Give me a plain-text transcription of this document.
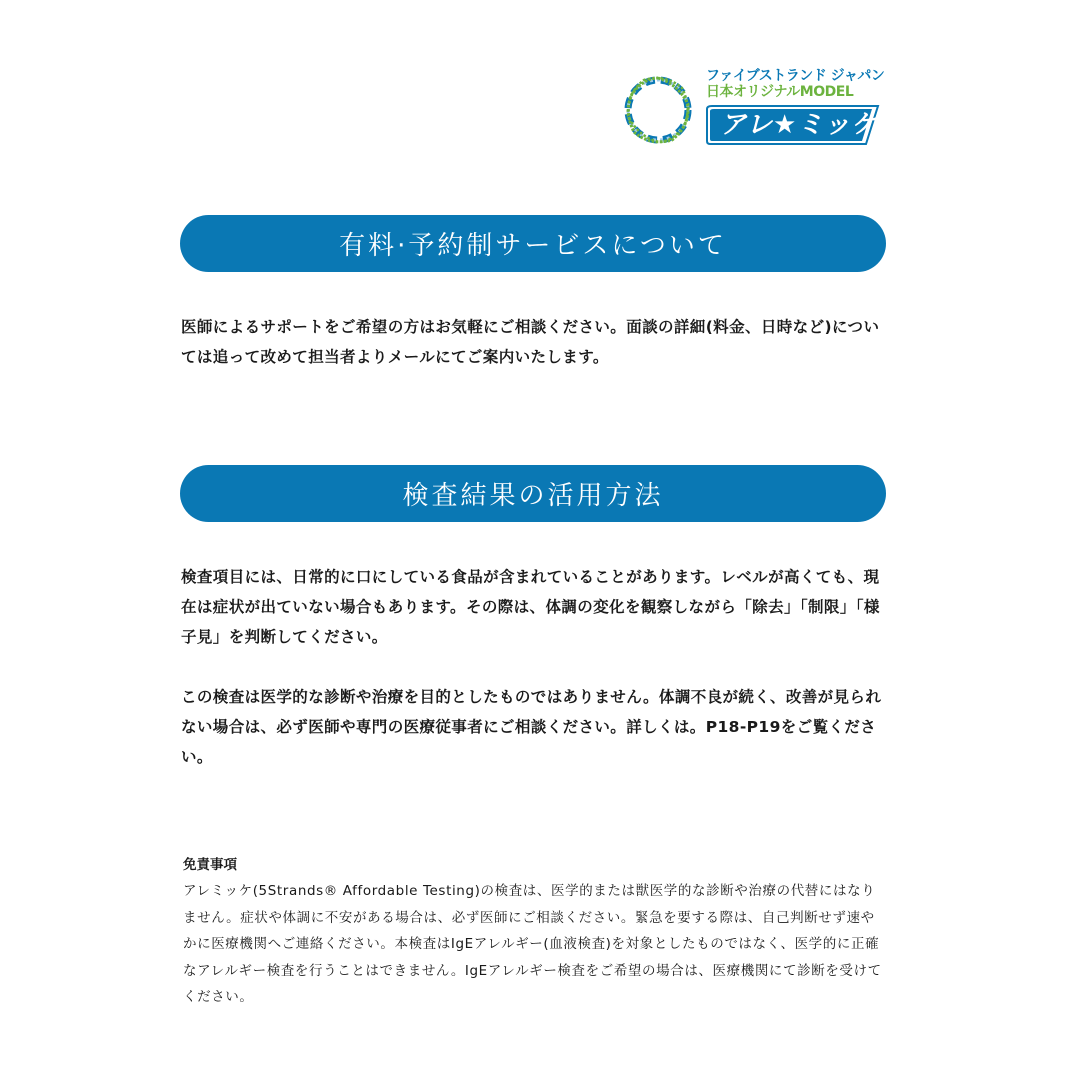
ファイブストランド ジャパン
日本オリジナルMODEL
アレ★ミッケ
有料·予約制サービスについて

医師によるサポートをご希望の方はお気軽にご相談ください。面談の詳細(料金、日時など)については追って改めて担当者よりメールにてご案内いたします。

検査結果の活用方法

検査項目には、日常的に口にしている食品が含まれていることがあります。レベルが高くても、現在は症状が出ていない場合もあります。その際は、体調の変化を観察しながら「除去」「制限」「様子見」を判断してください。

この検査は医学的な診断や治療を目的としたものではありません。体調不良が続く、改善が見られない場合は、必ず医師や専門の医療従事者にご相談ください。詳しくは。P18-P19をご覧ください。

免責事項

アレミッケ(5Strands® Affordable Testing)の検査は、医学的または獣医学的な診断や治療の代替にはなりません。症状や体調に不安がある場合は、必ず医師にご相談ください。緊急を要する際は、自己判断せず速やかに医療機関へご連絡ください。本検査はIgEアレルギー(血液検査)を対象としたものではなく、医学的に正確なアレルギー検査を行うことはできません。IgEアレルギー検査をご希望の場合は、医療機関にて診断を受けてください。
